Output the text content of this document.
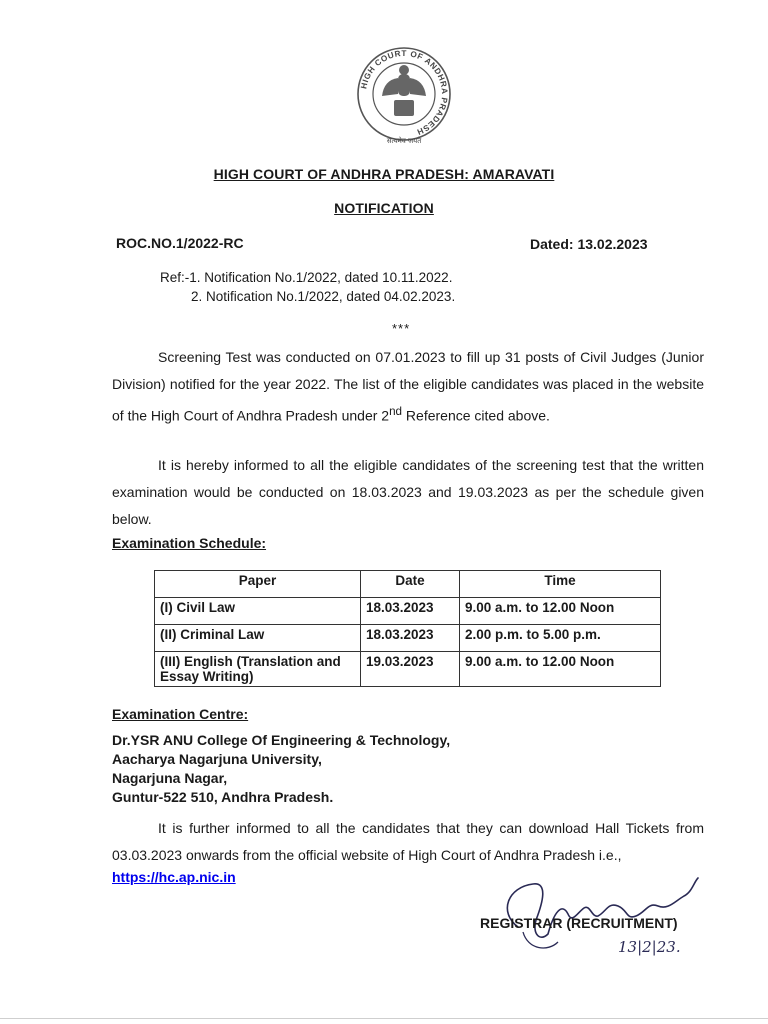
HIGH COURT OF ANDHRA PRADESH
सत्यमेव जयते
HIGH COURT OF ANDHRA PRADESH: AMARAVATI
NOTIFICATION
ROC.NO.1/2022-RC	Dated: 13.02.2023
Ref:-1. Notification No.1/2022, dated 10.11.2022.
2. Notification No.1/2022, dated 04.02.2023.
***
Screening Test was conducted on 07.01.2023 to fill up 31 posts of Civil Judges (Junior Division) notified for the year 2022. The list of the eligible candidates was placed in the website of the High Court of Andhra Pradesh under 2nd Reference cited above.
It is hereby informed to all the eligible candidates of the screening test that the written examination would be conducted on 18.03.2023 and 19.03.2023 as per the schedule given below.
Examination Schedule:
Paper	Date	Time
(I) Civil Law	18.03.2023	9.00 a.m. to 12.00 Noon
(II) Criminal Law	18.03.2023	2.00 p.m. to 5.00 p.m.
(III) English (Translation and Essay Writing)	19.03.2023	9.00 a.m. to 12.00 Noon
Examination Centre:
Dr.YSR ANU College Of Engineering & Technology,
Aacharya Nagarjuna University,
Nagarjuna Nagar,
Guntur-522 510, Andhra Pradesh.
It is further informed to all the candidates that they can download Hall Tickets from 03.03.2023 onwards from the official website of High Court of Andhra Pradesh i.e.,
https://hc.ap.nic.in
REGISTRAR (RECRUITMENT)
13|2|23.
